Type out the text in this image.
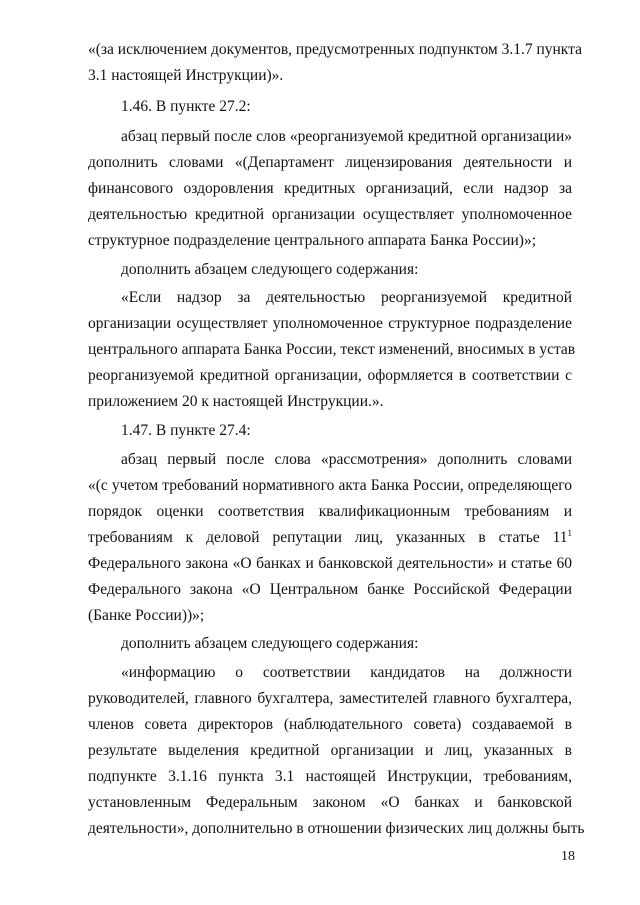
«(за исключением документов, предусмотренных подпунктом 3.1.7 пункта
3.1 настоящей Инструкции)».
1.46. В пункте 27.2:
абзац первый после слов «реорганизуемой кредитной организации»
дополнить словами «(Департамент лицензирования деятельности и
финансового оздоровления кредитных организаций, если надзор за
деятельностью кредитной организации осуществляет уполномоченное
структурное подразделение центрального аппарата Банка России)»;
дополнить абзацем следующего содержания:
«Если надзор за деятельностью реорганизуемой кредитной
организации осуществляет уполномоченное структурное подразделение
центрального аппарата Банка России, текст изменений, вносимых в устав
реорганизуемой кредитной организации, оформляется в соответствии с
приложением 20 к настоящей Инструкции.».
1.47. В пункте 27.4:
абзац первый после слова «рассмотрения» дополнить словами
«(с учетом требований нормативного акта Банка России, определяющего
порядок оценки соответствия квалификационным требованиям и
требованиям к деловой репутации лиц, указанных в статье $11^1$
Федерального закона «О банках и банковской деятельности» и статье 60
Федерального закона «О Центральном банке Российской Федерации
(Банке России))»;
дополнить абзацем следующего содержания:
«информацию о соответствии кандидатов на должности
руководителей, главного бухгалтера, заместителей главного бухгалтера,
членов совета директоров (наблюдательного совета) создаваемой в
результате выделения кредитной организации и лиц, указанных в
подпункте 3.1.16 пункта 3.1 настоящей Инструкции, требованиям,
установленным Федеральным законом «О банках и банковской
деятельности», дополнительно в отношении физических лиц должны быть
18
